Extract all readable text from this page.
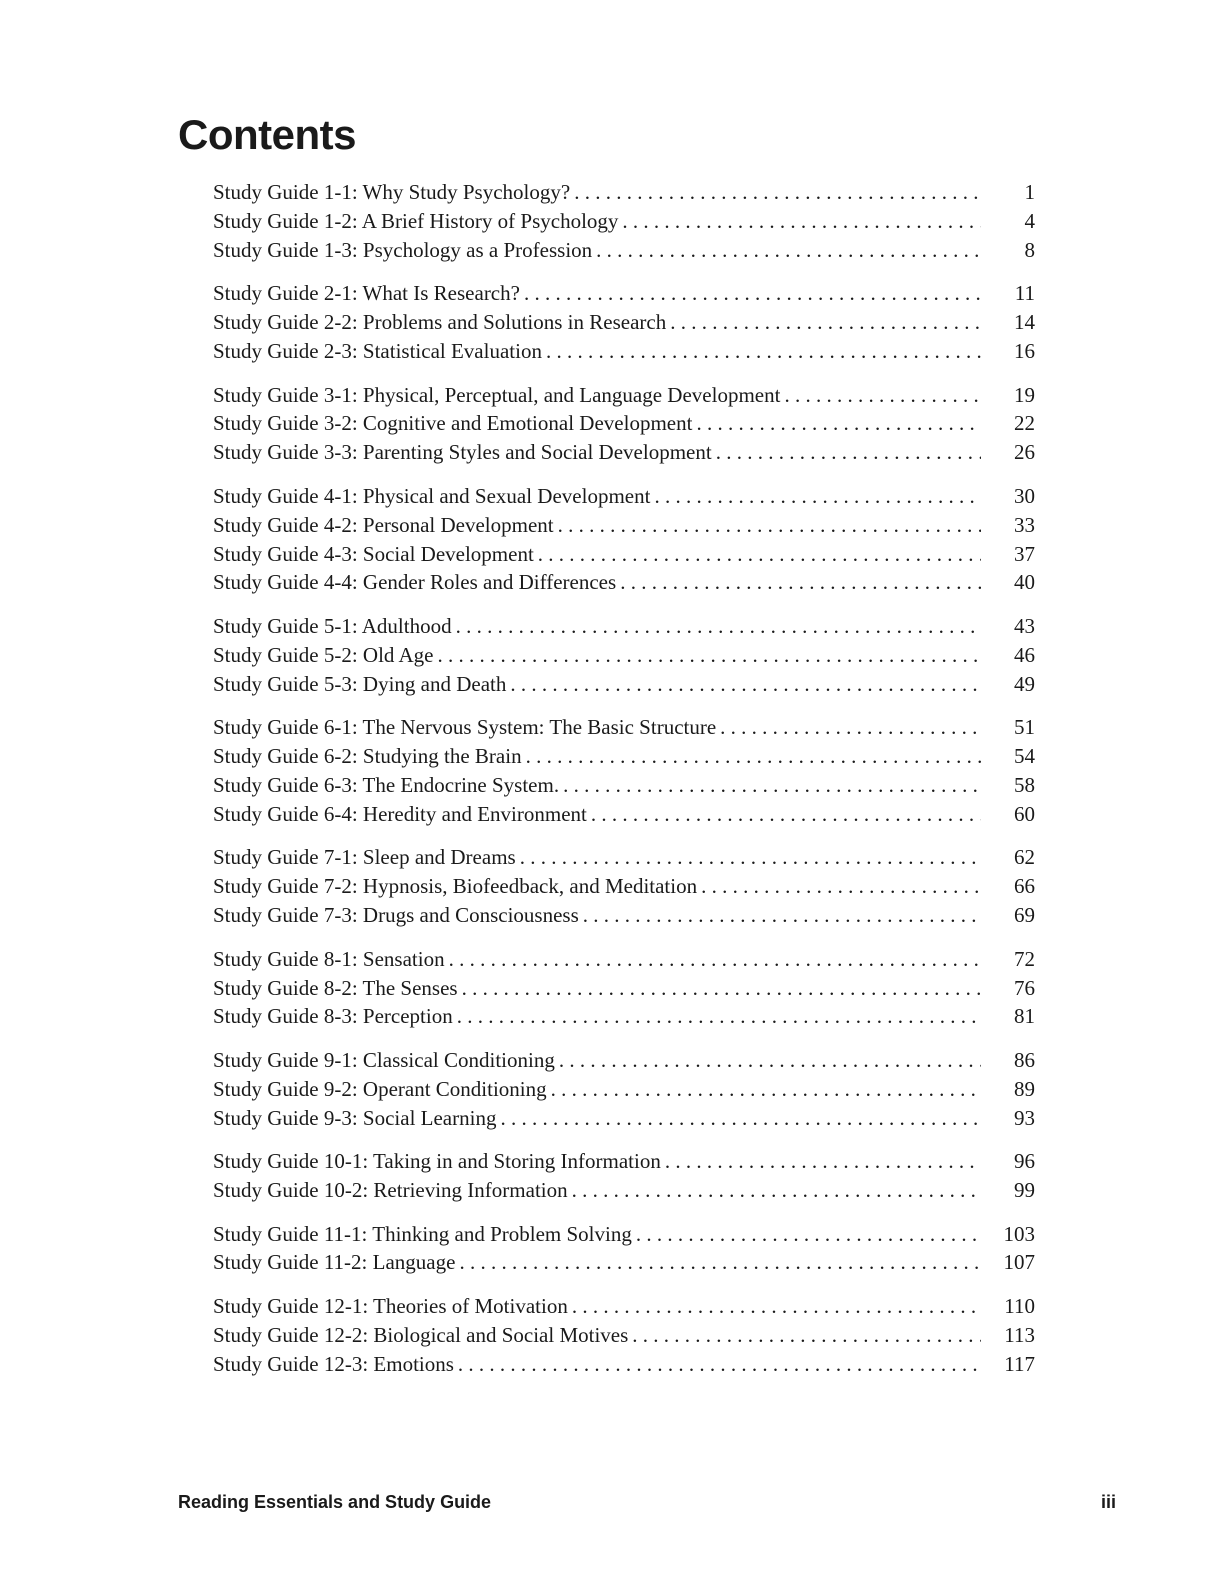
Contents
Study Guide 1-1: Why Study Psychology? . . .	1
Study Guide 1-2: A Brief History of Psychology . . .	4
Study Guide 1-3: Psychology as a Profession . . .	8
Study Guide 2-1: What Is Research? . . .	11
Study Guide 2-2: Problems and Solutions in Research . . .	14
Study Guide 2-3: Statistical Evaluation . . .	16
Study Guide 3-1: Physical, Perceptual, and Language Development . . .	19
Study Guide 3-2: Cognitive and Emotional Development . . .	22
Study Guide 3-3: Parenting Styles and Social Development . . .	26
Study Guide 4-1: Physical and Sexual Development . . .	30
Study Guide 4-2: Personal Development . . .	33
Study Guide 4-3: Social Development . . .	37
Study Guide 4-4: Gender Roles and Differences . . .	40
Study Guide 5-1: Adulthood . . .	43
Study Guide 5-2: Old Age . . .	46
Study Guide 5-3: Dying and Death . . .	49
Study Guide 6-1: The Nervous System: The Basic Structure . . .	51
Study Guide 6-2: Studying the Brain . . .	54
Study Guide 6-3: The Endocrine System. . . .	58
Study Guide 6-4: Heredity and Environment . . .	60
Study Guide 7-1: Sleep and Dreams . . .	62
Study Guide 7-2: Hypnosis, Biofeedback, and Meditation . . .	66
Study Guide 7-3: Drugs and Consciousness . . .	69
Study Guide 8-1: Sensation . . .	72
Study Guide 8-2: The Senses . . .	76
Study Guide 8-3: Perception . . .	81
Study Guide 9-1: Classical Conditioning . . .	86
Study Guide 9-2: Operant Conditioning . . .	89
Study Guide 9-3: Social Learning . . .	93
Study Guide 10-1: Taking in and Storing Information . . .	96
Study Guide 10-2: Retrieving Information . . .	99
Study Guide 11-1: Thinking and Problem Solving . . .	103
Study Guide 11-2: Language . . .	107
Study Guide 12-1: Theories of Motivation . . .	110
Study Guide 12-2: Biological and Social Motives . . .	113
Study Guide 12-3: Emotions . . .	117
Reading Essentials and Study Guide	iii
